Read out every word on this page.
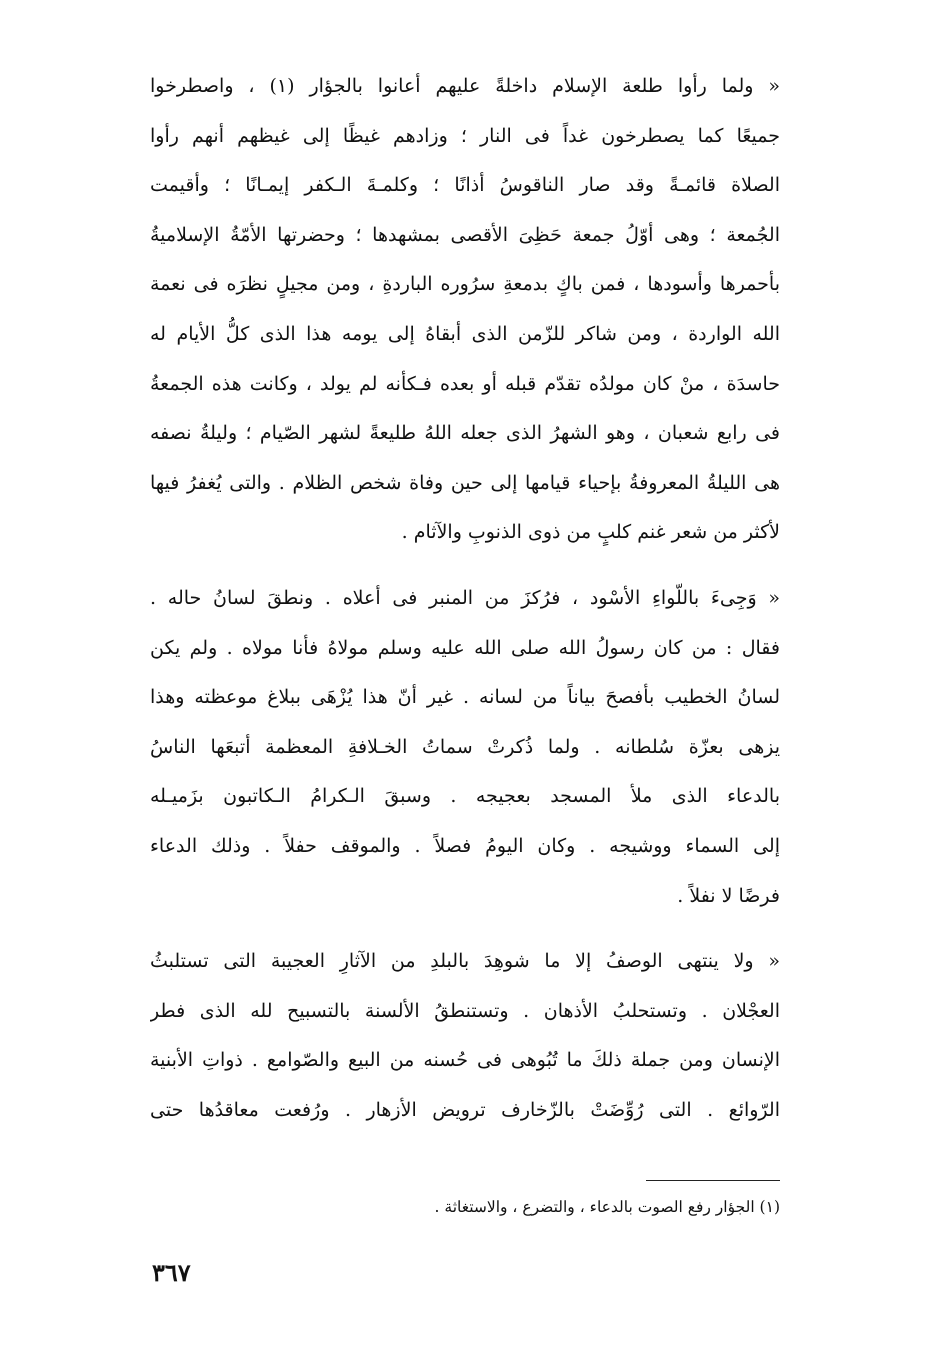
« ولما رأوا طلعة الإسلام داخلةً عليهم أعانوا بالجؤار (١) ، واصطرخوا
جميعًا كما يصطرخون غداً فى النار ؛ وزادهم غيظًا إلى غيظهم أنهم رأوا
الصلاة قائمـةً وقد صار الناقوسُ أذانًا ؛ وكلمـةَ الـكفر إيمـانًا ؛ وأقيمت
الجُمعة ؛ وهى أوّلُ جمعة حَظِىَ الأقصى بمشهدها ؛ وحضرتها الأمّةُ الإسلاميةُ
بأحمرها وأسودها ، فمن باكٍ بدمعةِ سرُوره الباردةِ ، ومن مجيلٍ نظرَه فى نعمة
الله الواردة ، ومن شاكر للزّمن الذى أبقاهُ إلى يومه هذا الذى كلُّ الأيام له
حاسدَة ، منْ كان مولدُه تقدّم قبله أو بعده فـكأنه لم يولد ، وكانت هذه الجمعةُ
فى رابع شعبان ، وهو الشهرُ الذى جعله اللهُ طليعةً لشهر الصّيام ؛ وليلةُ نصفه
هى الليلةُ المعروفةُ بإحياء قيامها إلى حين وفاة شخص الظلام . والتى يُغفرُ فيها
لأكثر من شعر غنم كلبٍ من ذوى الذنوبِ والآثام .
« وَجِىءَ باللّواءِ الأسْود ، فرُكزَ من المنبر فى أعلاه . ونطقَ لسانُ حاله .
فقال : من كان رسولُ الله صلى الله عليه وسلم مولاهُ فأنا مولاه . ولم يكن
لسانُ الخطيب بأفصحَ بياناً من لسانه . غير أنّ هذا يُزْهَى ببلاغ موعظته وهذا
يزهى بعزّة سُلطانه . ولما ذُكرتْ سماتُ الخـلافةِ المعظمة أتبعَها الناسُ
بالدعاء الذى ملأ المسجد بعجيجه . وسبقَ الـكرامُ الـكاتبون بزَميـله
إلى السماء ووشيجه . وكان اليومُ فصلاً . والموقف حفلاً . وذلك الدعاء
فرضًا لا نفلاً .
« ولا ينتهى الوصفُ إلا ما شوهِدَ بالبلدِ من الآثارِ العجيبة التى تستلبثُ
العجْلان . وتستحلبُ الأذهان . وتستنطقُ الألسنة بالتسبيح لله الذى فطر
الإنسان ومن جملة ذلكَ ما تُبُوهى فى حُسنه من البيع والصّوامع . ذواتِ الأبنية
الرّوائع . التى رُوِّضَتْ بالزّخارف ترويض الأزهار . ورُفعت معاقدُها حتى
(١) الجؤار رفع الصوت بالدعاء ، والتضرع ، والاستغاثة .
٣٦٧
